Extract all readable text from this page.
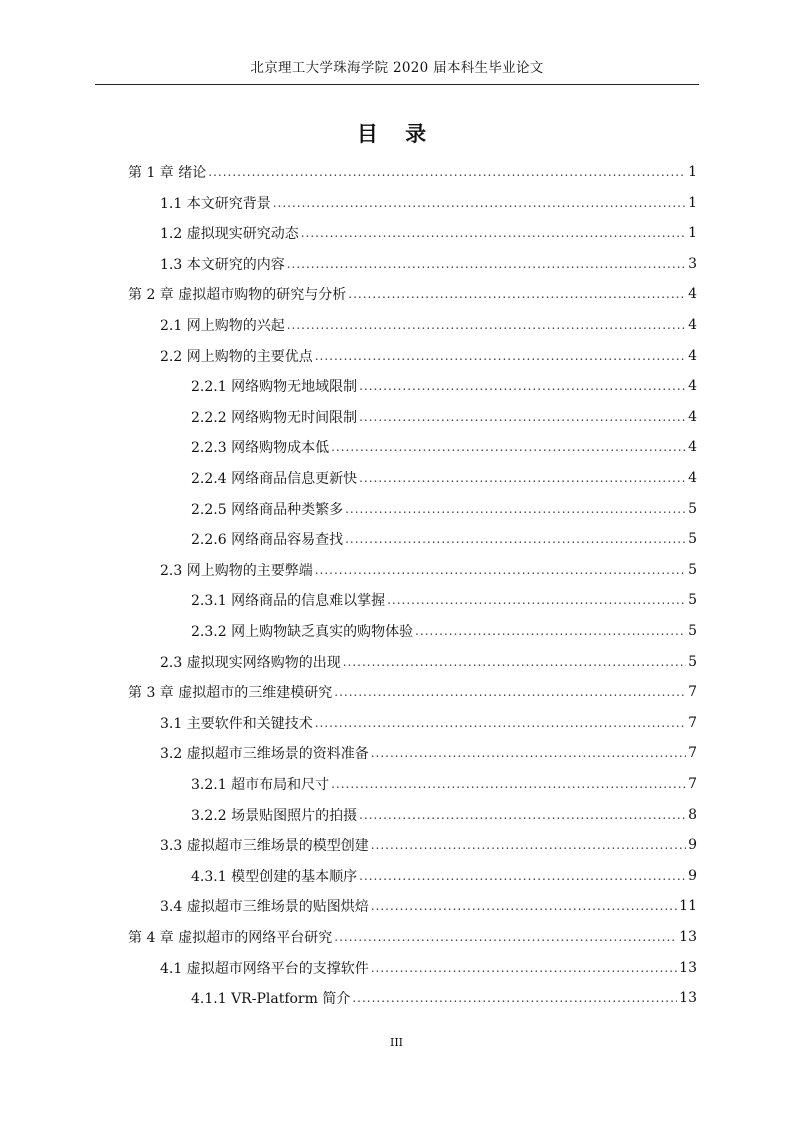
北京理工大学珠海学院 2020 届本科生毕业论文
目 录
第 1 章 绪论 .....	1
1.1 本文研究背景 .....	1
1.2 虚拟现实研究动态 .....	1
1.3 本文研究的内容 .....	3
第 2 章 虚拟超市购物的研究与分析 .....	4
2.1 网上购物的兴起 .....	4
2.2 网上购物的主要优点 .....	4
2.2.1 网络购物无地域限制 .....	4
2.2.2 网络购物无时间限制 .....	4
2.2.3 网络购物成本低 .....	4
2.2.4 网络商品信息更新快 .....	4
2.2.5 网络商品种类繁多 .....	5
2.2.6 网络商品容易查找 .....	5
2.3 网上购物的主要弊端 .....	5
2.3.1 网络商品的信息难以掌握 .....	5
2.3.2 网上购物缺乏真实的购物体验 .....	5
2.3 虚拟现实网络购物的出现 .....	5
第 3 章 虚拟超市的三维建模研究 .....	7
3.1 主要软件和关键技术 .....	7
3.2 虚拟超市三维场景的资料准备 .....	7
3.2.1 超市布局和尺寸 .....	7
3.2.2 场景贴图照片的拍摄 .....	8
3.3 虚拟超市三维场景的模型创建 .....	9
4.3.1 模型创建的基本顺序 .....	9
3.4 虚拟超市三维场景的贴图烘焙 .....	11
第 4 章 虚拟超市的网络平台研究 .....	13
4.1 虚拟超市网络平台的支撑软件 .....	13
4.1.1 VR-Platform 简介 .....	13
III
